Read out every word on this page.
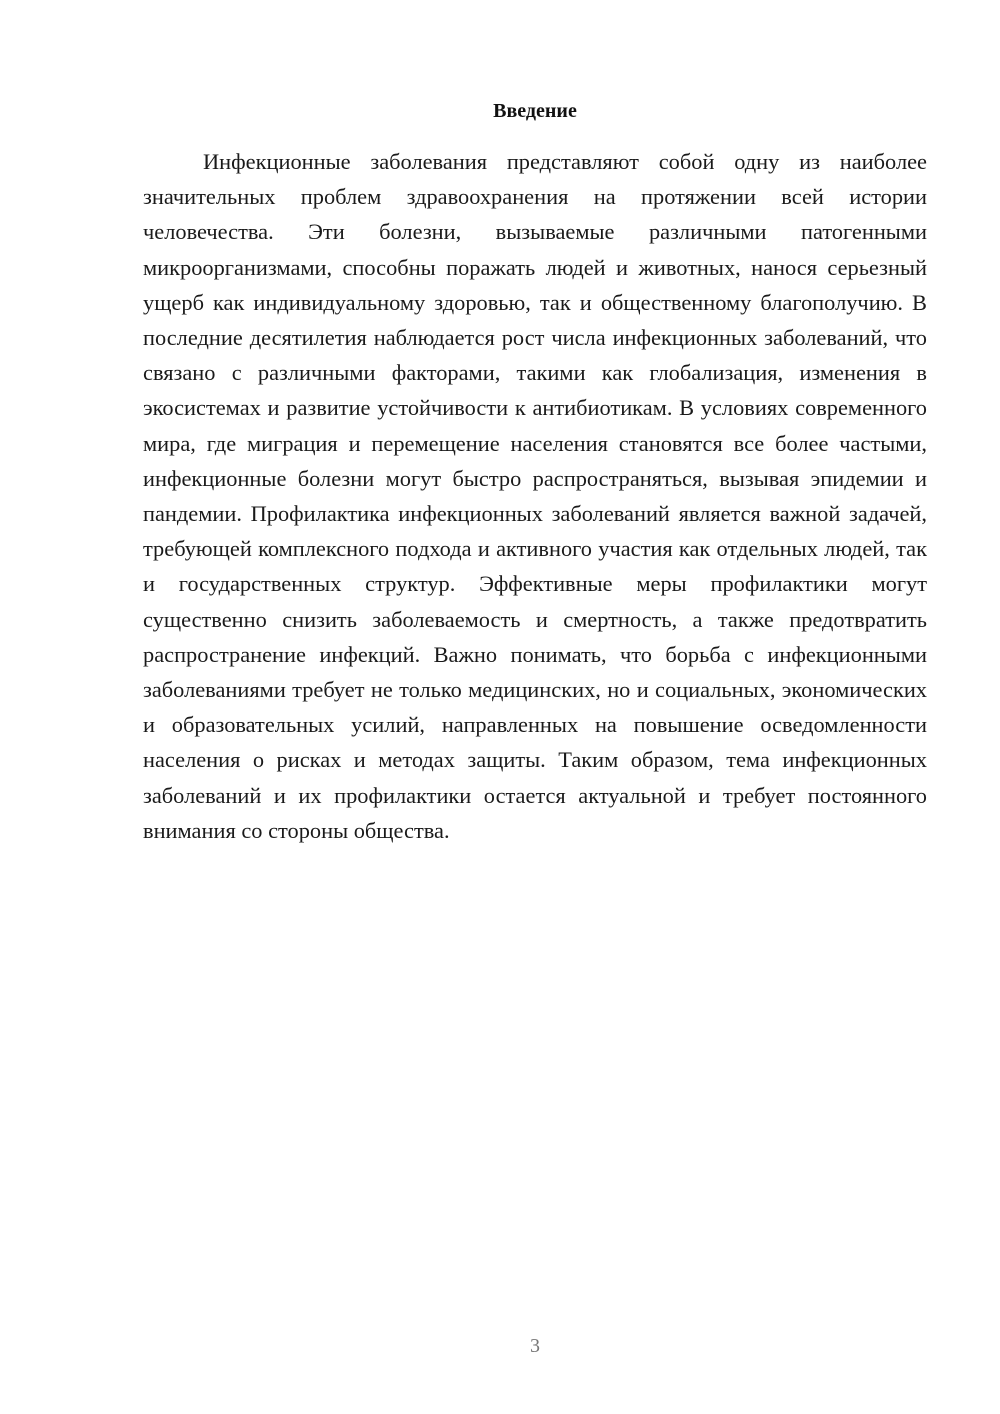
Введение

Инфекционные заболевания представляют собой одну из наиболее значительных проблем здравоохранения на протяжении всей истории человечества. Эти болезни, вызываемые различными патогенными микроорганизмами, способны поражать людей и животных, нанося серьезный ущерб как индивидуальному здоровью, так и общественному благополучию. В последние десятилетия наблюдается рост числа инфекционных заболеваний, что связано с различными факторами, такими как глобализация, изменения в экосистемах и развитие устойчивости к антибиотикам. В условиях современного мира, где миграция и перемещение населения становятся все более частыми, инфекционные болезни могут быстро распространяться, вызывая эпидемии и пандемии. Профилактика инфекционных заболеваний является важной задачей, требующей комплексного подхода и активного участия как отдельных людей, так и государственных структур. Эффективные меры профилактики могут существенно снизить заболеваемость и смертность, а также предотвратить распространение инфекций. Важно понимать, что борьба с инфекционными заболеваниями требует не только медицинских, но и социальных, экономических и образовательных усилий, направленных на повышение осведомленности населения о рисках и методах защиты. Таким образом, тема инфекционных заболеваний и их профилактики остается актуальной и требует постоянного внимания со стороны общества.

3
